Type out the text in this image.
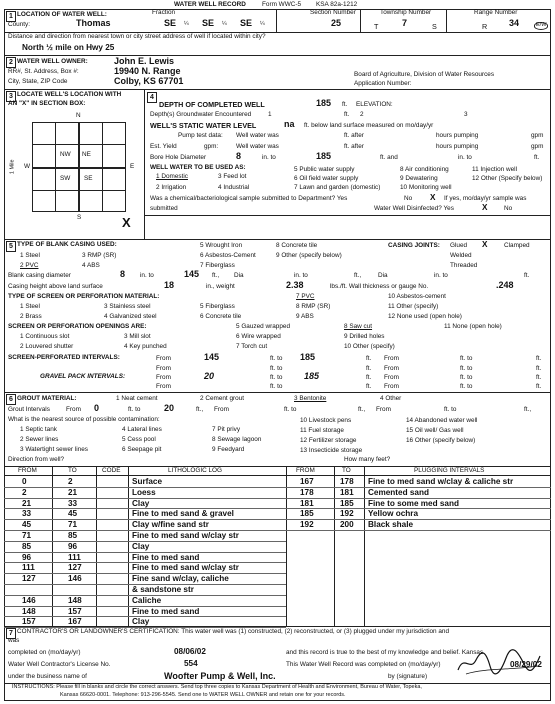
WATER WELL RECORD	Form WWC-5 KSA 82a-1212
1 LOCATION OF WATER WELL:	Fraction
County:	Thomas	SE ¼ SE ¼ SE ¼
Section Number
25
Township Number
T	7	S
Range Number
R 34	E/W
Distance and direction from nearest town or city street address of well if located within city?
North ½ mile on Hwy 25
2 WATER WELL OWNER:	John E. Lewis
RR#, St. Address, Box #:	19940 N. Range
City, State, ZIP Code	Colby, KS 67701
Board of Agriculture, Division of Water Resources
Application Number:
3 LOCATE WELL'S LOCATION WITH
AN "X" IN SECTION BOX:
N
S
W	E
NW NE
SW SE
1 Mile
X
4
DEPTH OF COMPLETED WELL	185 ft. ELEVATION:
Depth(s) Groundwater Encountered	1	ft. 2	3
WELL'S STATIC WATER LEVEL	na ft. below land surface measured on mo/day/yr
Pump test data: Well water was	ft. after	hours pumping	gpm
Est. Yield	gpm:	Well water was	ft. after	hours pumping	gpm
Bore Hole Diameter	8	in. to	185	ft. and	in. to	ft.
WELL WATER TO BE USED AS:
1 Domestic	3 Feed lot
5 Public water supply	8 Air conditioning	11 Injection well
2 Irrigation	4 Industrial
6 Oil field water supply	9 Dewatering	12 Other (Specify below)
7 Lawn and garden (domestic)	10 Monitoring well
Was a chemical/bacteriological sample submitted to Department? Yes	No X If yes, mo/day/yr sample was
submitted	Water Well Disinfected? Yes	X	No
5 TYPE OF BLANK CASING USED:
1 Steel	3 RMP (SR)
5 Wrought Iron	8 Concrete tile
2 PVC	4 ABS
6 Asbestos-Cement	9 Other (specify below)
7 Fiberglass
CASING JOINTS: Glued X	Clamped
Welded
Threaded
Blank casing diameter	8 in. to	145 ft., Dia	in. to	ft.,	Dia	in. to	ft.
Casing height above land surface	18	in., weight	2.38	lbs./ft. Wall thickness or gauge No.	.248
TYPE OF SCREEN OR PERFORATION MATERIAL:
1 Steel	3 Stainless steel	5 Fiberglass
7 PVC	10 Asbestos-cement
2 Brass	4 Galvanized steel	6 Concrete tile
8 RMP (SR)	11 Other (specify)
9 ABS	12 None used (open hole)
SCREEN OR PERFORATION OPENINGS ARE:	5 Gauzed wrapped	8 Saw cut	11 None (open hole)
1 Continuous slot	3 Mill slot	6 Wire wrapped	9 Drilled holes
2 Louvered shutter	4 Key punched	7 Torch cut	10 Other (specify)
SCREEN-PERFORATED INTERVALS:	From	145	ft. to 185	ft. From	ft. to	ft.
From	ft. to	ft. From	ft. to	ft.
GRAVEL PACK INTERVALS:	From	20	ft. to 185	ft. From	ft. to	ft.
From	ft. to	ft. From	ft. to	ft.
6 GROUT MATERIAL:	1 Neat cement	2 Cement grout	3 Bentonite	4 Other
Grout Intervals	From 0	ft. to	20	ft., From	ft. to	ft., From	ft. to	ft.,
What is the nearest source of possible contamination:
1 Septic tank	4 Lateral lines	7 Pit privy
10 Livestock pens	14 Abandoned water well
2 Sewer lines	5 Cess pool	8 Sewage lagoon
11 Fuel storage	15 Oil well/ Gas well
3 Watertight sewer lines	6 Seepage pit	9 Feedyard
12 Fertilizer storage	16 Other (specify below)
13 Insecticide storage
Direction from well?	How many feet?
FROM	TO	CODE	LITHOLOGIC LOG	FROM	TO	PLUGGING INTERVALS
0	2	Surface
2	21	Loess
21	33	Clay
33	45	Fine to med sand & gravel
45	71	Clay w/fine sand str
71	85	Fine to med sand w/clay str
85	96	Clay
96	111	Fine to med sand
111	127	Fine to med sand w/clay str
127	146	Fine sand w/clay, caliche
& sandstone str
146	148	Caliche
148	157	Fine to med sand
157	167	Clay
167	178 Fine to med sand w/clay & caliche str
178	181 Cemented sand
181	185 Fine to some med sand
185	192 Yellow ochra
192	200 Black shale
7 CONTRACTOR'S OR LANDOWNER'S CERTIFICATION: This water well was (1) constructed, (2) reconstructed, or (3) plugged under my jurisdiction and
was
completed on (mo/day/yr)	08/06/02	and this record is true to the best of my knowledge and belief. Kansas
Water Well Contractor's License No.	554	This Water Well Record was completed on (mo/day/yr)	08/29/02
under the business name of	Woofter Pump & Well, Inc.	by (signature)
INSTRUCTIONS: Please fill in blanks and circle the correct answers. Send top three copies to Kansas Department of Health and Environment, Bureau of Water, Topeka,
Kansas 66620-0001. Telephone: 913-296-5545. Send one to WATER WELL OWNER and retain one for your records.
